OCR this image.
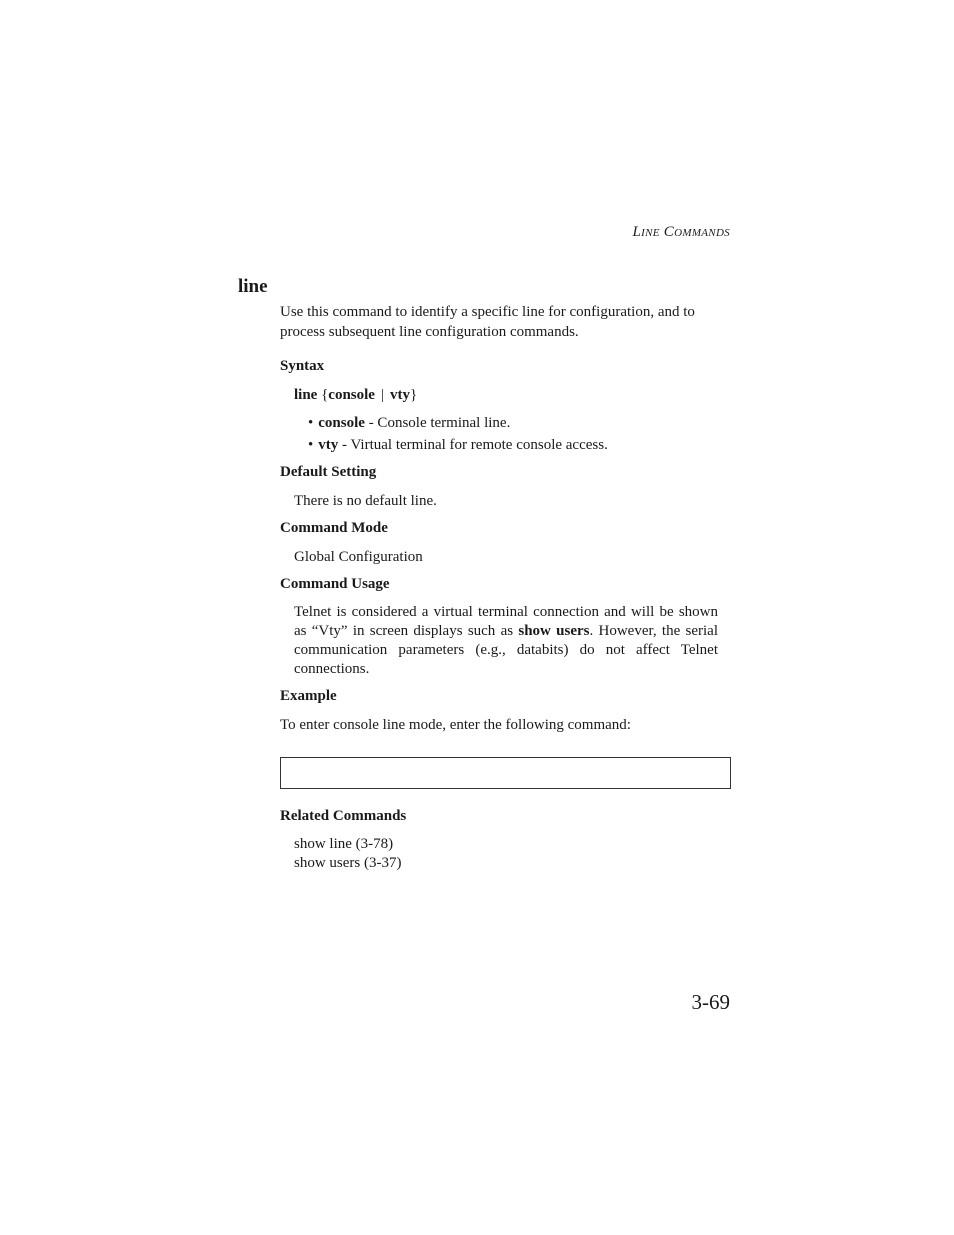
Line Commands
line
Use this command to identify a specific line for configuration, and to process subsequent line configuration commands.
Syntax
line {console | vty}
• console - Console terminal line.
• vty - Virtual terminal for remote console access.
Default Setting
There is no default line.
Command Mode
Global Configuration
Command Usage
Telnet is considered a virtual terminal connection and will be shown as “Vty” in screen displays such as show users. However, the serial communication parameters (e.g., databits) do not affect Telnet connections.
Example
To enter console line mode, enter the following command:
Related Commands
show line (3-78)
show users (3-37)
3-69
